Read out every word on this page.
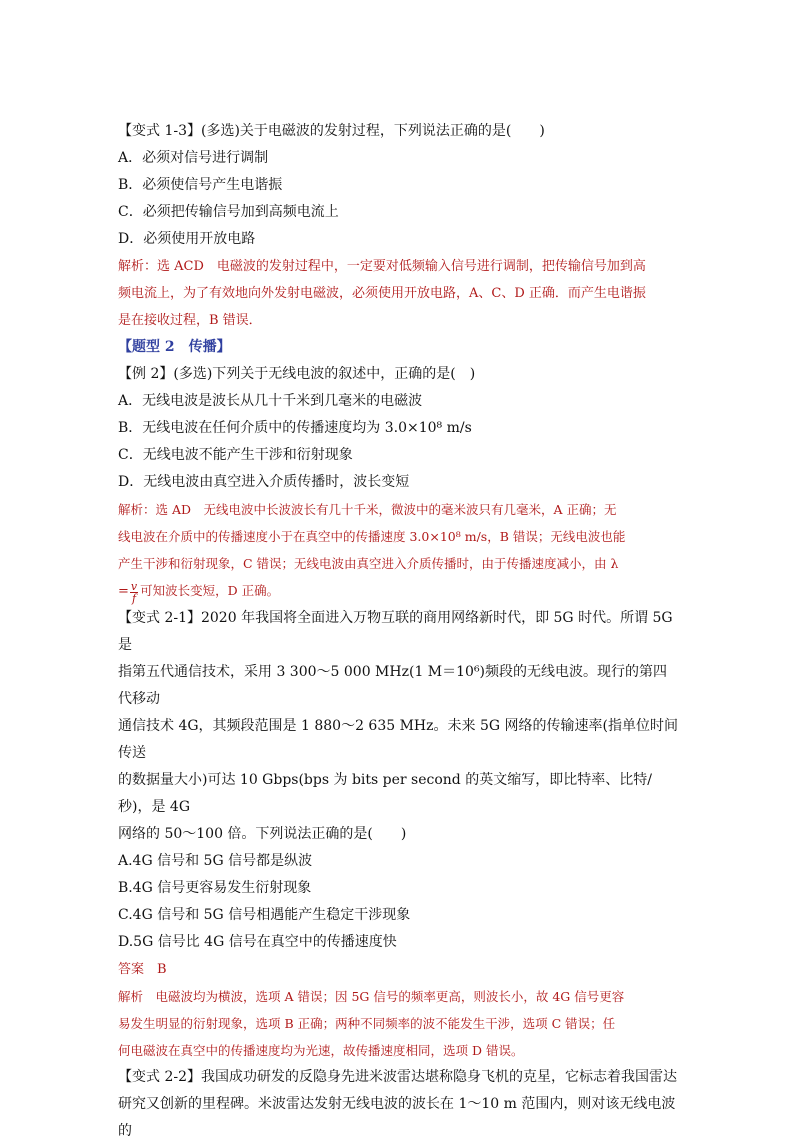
【变式 1-3】(多选)关于电磁波的发射过程，下列说法正确的是(　　)
A．必须对信号进行调制
B．必须使信号产生电谐振
C．必须把传输信号加到高频电流上
D．必须使用开放电路
解析：选 ACD　电磁波的发射过程中，一定要对低频输入信号进行调制，把传输信号加到高
频电流上，为了有效地向外发射电磁波，必须使用开放电路，A、C、D 正确．而产生电谐振
是在接收过程，B 错误．
【题型 2　传播】
【例 2】(多选)下列关于无线电波的叙述中，正确的是(　)
A．无线电波是波长从几十千米到几毫米的电磁波
B．无线电波在任何介质中的传播速度均为 3.0×10⁸ m/s
C．无线电波不能产生干涉和衍射现象
D．无线电波由真空进入介质传播时，波长变短
解析：选 AD　无线电波中长波波长有几十千米，微波中的毫米波只有几毫米，A 正确；无
线电波在介质中的传播速度小于在真空中的传播速度 3.0×10⁸ m/s，B 错误；无线电波也能
产生干涉和衍射现象，C 错误；无线电波由真空进入介质传播时，由于传播速度减小，由 λ
= $\frac{v}{f}$ 可知波长变短，D 正确。
【变式 2-1】2020 年我国将全面进入万物互联的商用网络新时代，即 5G 时代。所谓 5G 是
指第五代通信技术，采用 3 300～5 000 MHz(1 M＝10⁶)频段的无线电波。现行的第四代移动
通信技术 4G，其频段范围是 1 880～2 635 MHz。未来 5G 网络的传输速率(指单位时间传送
的数据量大小)可达 10 Gbps(bps 为 bits per second 的英文缩写，即比特率、比特/秒)，是 4G
网络的 50～100 倍。下列说法正确的是(　　)
A.4G 信号和 5G 信号都是纵波
B.4G 信号更容易发生衍射现象
C.4G 信号和 5G 信号相遇能产生稳定干涉现象
D.5G 信号比 4G 信号在真空中的传播速度快
答案　B
解析　电磁波均为横波，选项 A 错误；因 5G 信号的频率更高，则波长小，故 4G 信号更容
易发生明显的衍射现象，选项 B 正确；两种不同频率的波不能发生干涉，选项 C 错误；任
何电磁波在真空中的传播速度均为光速，故传播速度相同，选项 D 错误。
【变式 2-2】我国成功研发的反隐身先进米波雷达堪称隐身飞机的克星，它标志着我国雷达
研究又创新的里程碑。米波雷达发射无线电波的波长在 1～10 m 范围内，则对该无线电波的
